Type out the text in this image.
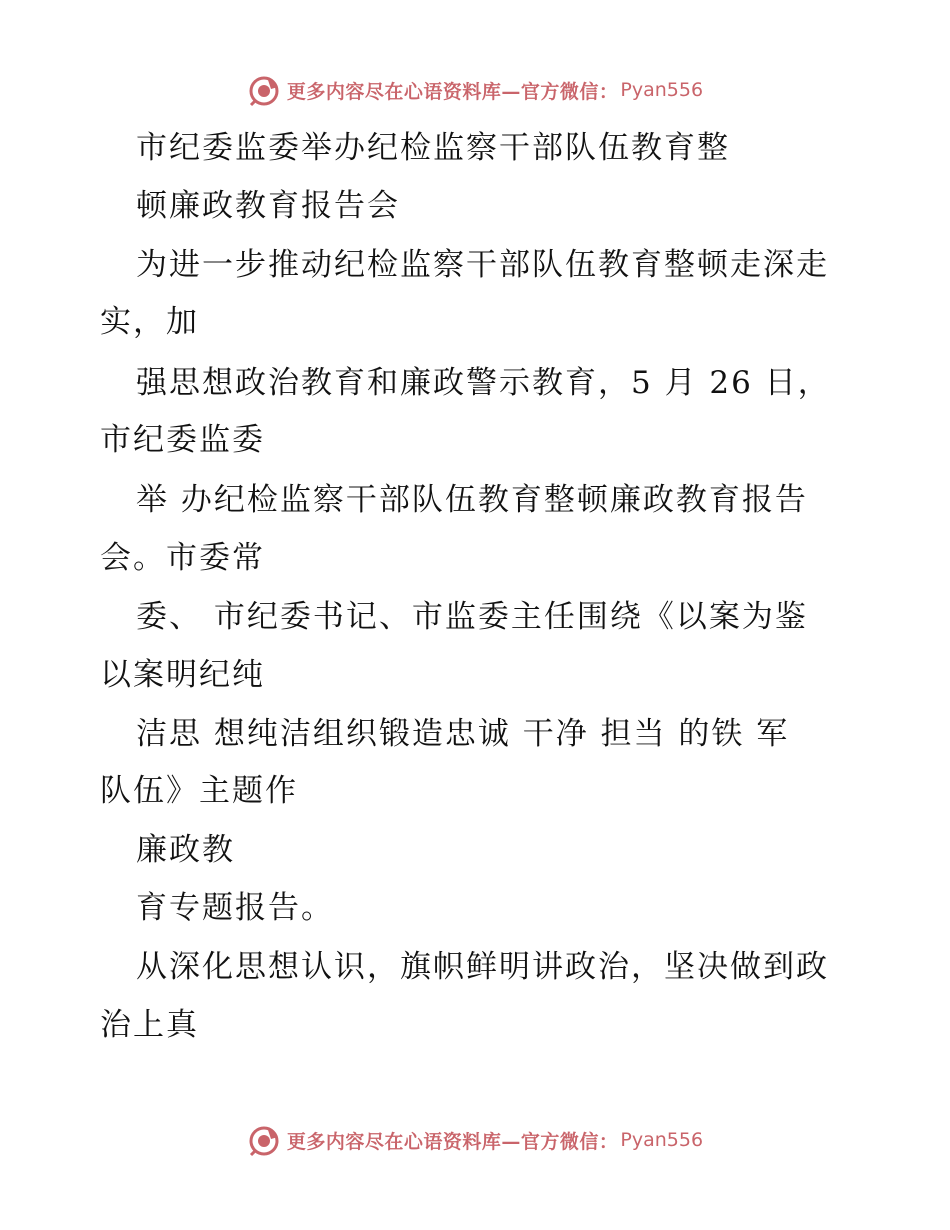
更多内容尽在心语资料库—官方微信： Pyan556
市纪委监委举办纪检监察干部队伍教育整
顿廉政教育报告会
为进一步推动纪检监察干部队伍教育整顿走深走
实，加
强思想政治教育和廉政警示教育，5 月 26 日，
市纪委监委
举 办纪检监察干部队伍教育整顿廉政教育报告
会。市委常
委、 市纪委书记、市监委主任围绕《以案为鉴
以案明纪纯
洁思 想纯洁组织锻造忠诚 干净 担当 的铁 军
队伍》主题作
廉政教
育专题报告。
从深化思想认识，旗帜鲜明讲政治，坚决做到政
治上真
更多内容尽在心语资料库—官方微信： Pyan556
